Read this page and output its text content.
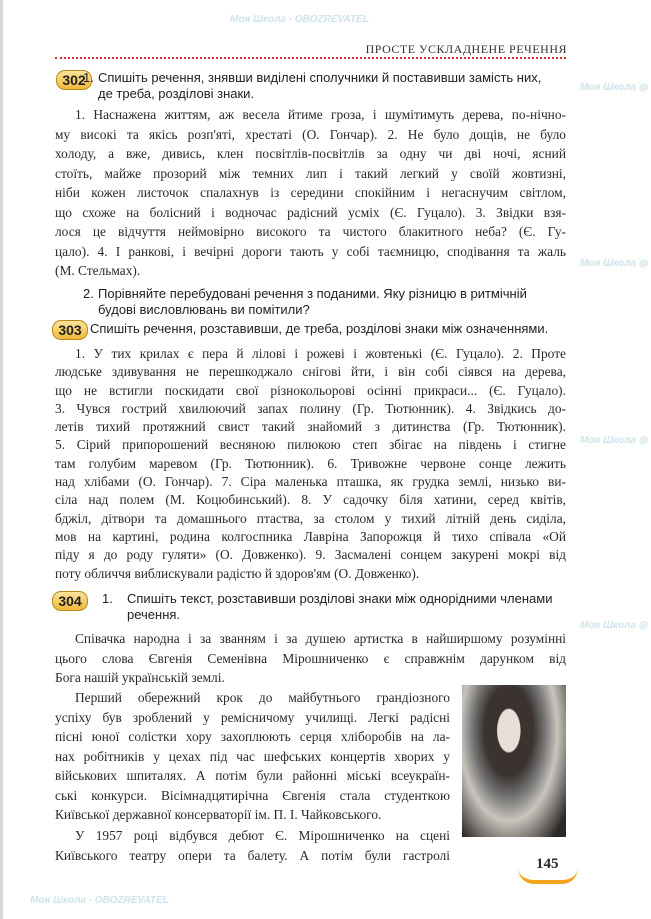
Моя Школа · OBOZREVATEL
Моя Школа ◎
Моя Школа ◎
Моя Школа ◎
Моя Школа ◎
Моя Школа · OBOZREVATEL
ПРОСТЕ УСКЛАДНЕНЕ РЕЧЕННЯ
302
1. Спишіть речення, знявши виділені сполучники й поставивши замість них,
де треба, розділові знаки.
1. Наснажена життям, аж весела йтиме гроза, і шумітимуть дерева, по-нічно-
му високі та якісь розп'яті, хрестаті (О. Гончар). 2. Не було дощів, не було
холоду, а вже, дивись, клен посвітлів-посвітлів за одну чи дві ночі, ясний
стоїть, майже прозорий між темних лип і такий легкий у своїй жовтизні,
ніби кожен листочок спалахнув із середини спокійним і негаснучим світлом,
що схоже на болісний і водночас радісний усміх (Є. Гуцало). 3. Звідки взя-
лося це відчуття неймовірно високого та чистого блакитного неба? (Є. Гу-
цало). 4. І ранкові, і вечірні дороги тають у собі таємницю, сподівання та жаль
(М. Стельмах).
2. Порівняйте перебудовані речення з поданими. Яку різницю в ритмічній
будові висловлювань ви помітили?
303 Спишіть речення, розставивши, де треба, розділові знаки між означеннями.
1. У тих крилах є пера й лілові і рожеві і жовтенькі (Є. Гуцало). 2. Проте
людське здивування не перешкоджало снігові йти, і він собі сіявся на дерева,
що не встигли поскидати свої різнокольорові осінні прикраси... (Є. Гуцало).
3. Чувся гострий хвилюючий запах полину (Гр. Тютюнник). 4. Звідкись до-
летів тихий протяжний свист такий знайомий з дитинства (Гр. Тютюнник).
5. Сірий припорошений весняною пилюкою степ збігає на південь і стигне
там голубим маревом (Гр. Тютюнник). 6. Тривожне червоне сонце лежить
над хлібами (О. Гончар). 7. Сіра маленька пташка, як грудка землі, низько ви-
сіла над полем (М. Коцюбинський). 8. У садочку біля хатини, серед квітів,
бджіл, дітвори та домашнього птаства, за столом у тихий літній день сиділа,
мов на картині, родина колгоспника Лавріна Запорожця й тихо співала «Ой
піду я до роду гуляти» (О. Довженко). 9. Засмалені сонцем закурені мокрі від
поту обличчя виблискували радістю й здоров'ям (О. Довженко).
304	1. Спишіть текст, розставивши розділові знаки між однорідними членами
речення.
Співачка народна і за званням і за душею артистка в найширшому розумінні
цього слова Євгенія Семенівна Мірошниченко є справжнім дарунком від
Бога нашій українській землі.
Перший обережний крок до майбутнього грандіозного
успіху був зроблений у ремісничому училищі. Легкі радісні
пісні юної солістки хору захоплюють серця хліборобів на ла-
нах робітників у цехах під час шефських концертів хворих у
військових шпиталях. А потім були районні міські всеукраїн-
ські конкурси. Вісімнадцятирічна Євгенія стала студенткою
Київської державної консерваторії ім. П. І. Чайковського.
У 1957 році відбувся дебют Є. Мірошниченко на сцені
Київського театру опери та балету. А потім були гастролі
145
